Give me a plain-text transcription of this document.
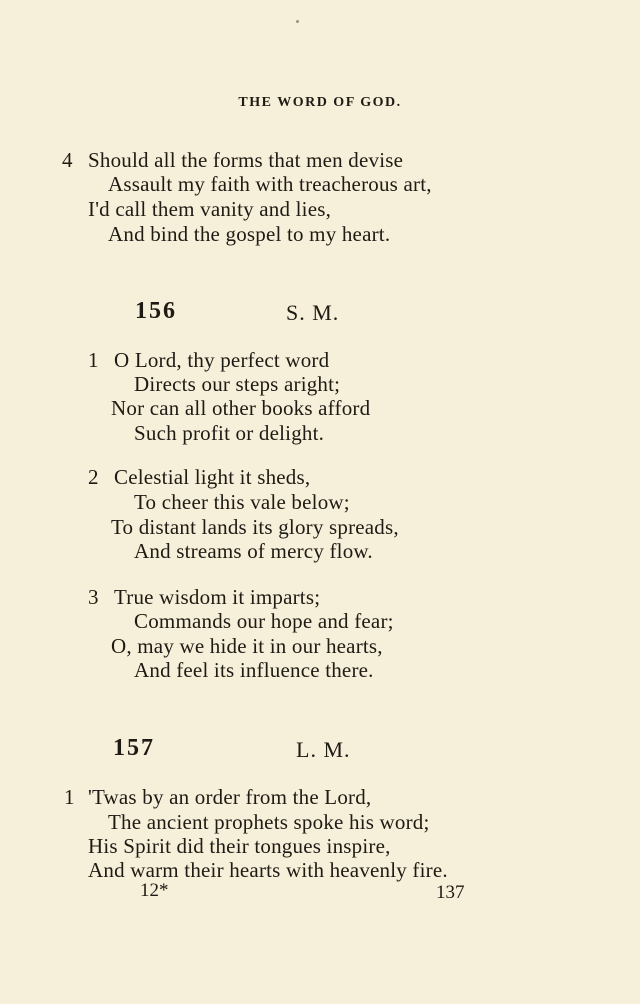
THE WORD OF GOD.
4 Should all the forms that men devise
Assault my faith with treacherous art,
I'd call them vanity and lies,
And bind the gospel to my heart.
156	S. M.
1 O Lord, thy perfect word
Directs our steps aright;
Nor can all other books afford
Such profit or delight.
2 Celestial light it sheds,
To cheer this vale below;
To distant lands its glory spreads,
And streams of mercy flow.
3 True wisdom it imparts;
Commands our hope and fear;
O, may we hide it in our hearts,
And feel its influence there.
157	L. M.
1 'Twas by an order from the Lord,
The ancient prophets spoke his word;
His Spirit did their tongues inspire,
And warm their hearts with heavenly fire.
12*	137
